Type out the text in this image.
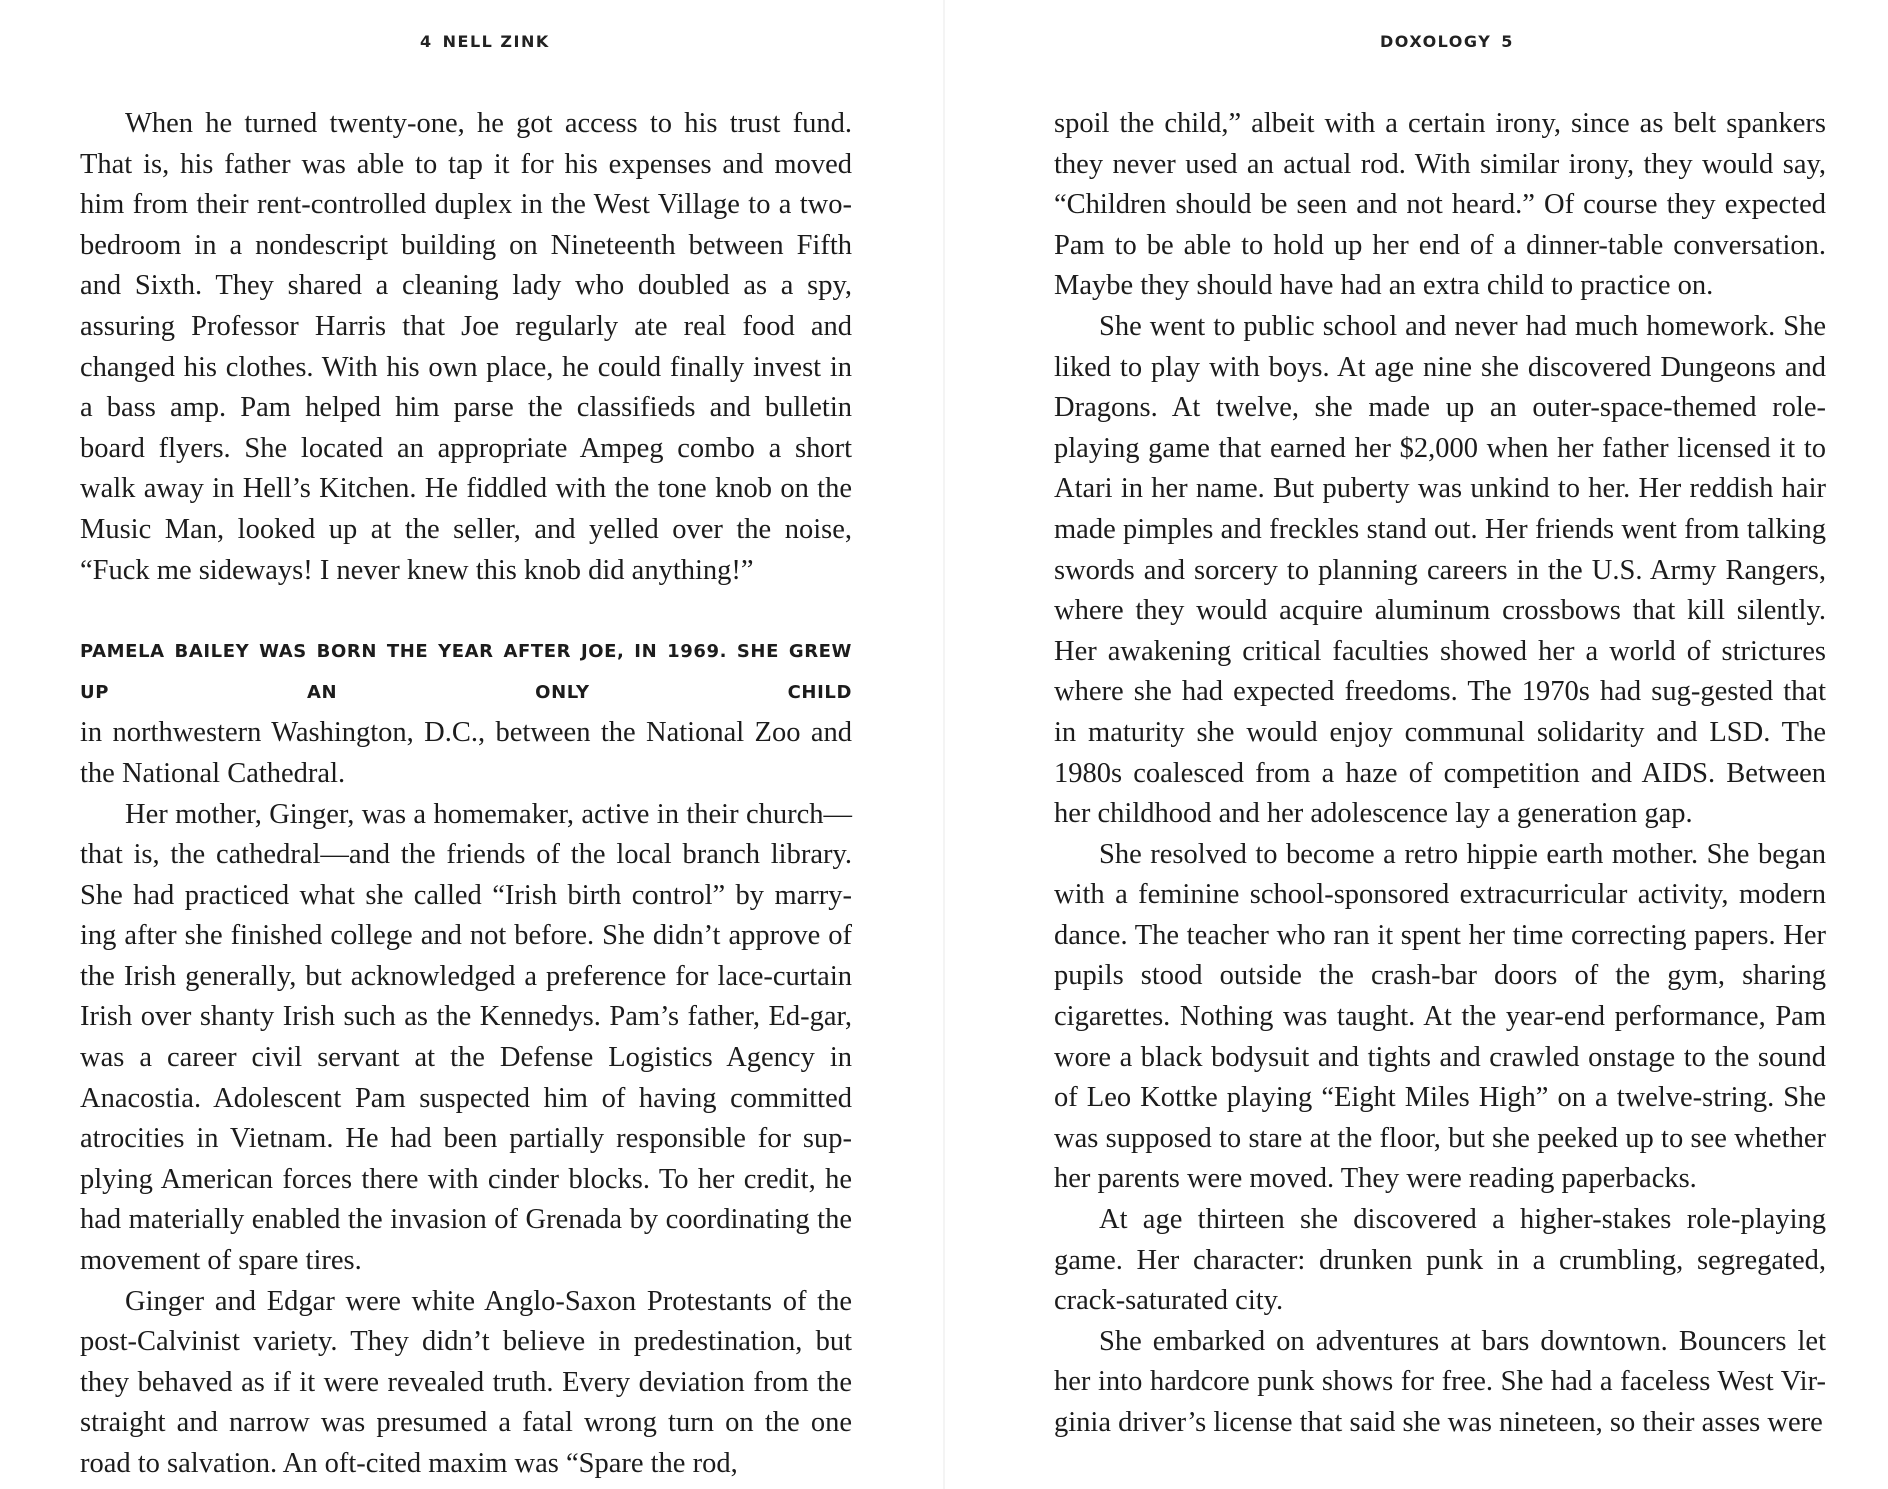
4 NELL ZINK

When he turned twenty-one, he got access to his trust fund. That is, his father was able to tap it for his expenses and moved him from their rent-controlled duplex in the West Village to a two-bedroom in a nondescript building on Nineteenth between Fifth and Sixth. They shared a cleaning lady who doubled as a spy, assuring Professor Harris that Joe regularly ate real food and changed his clothes. With his own place, he could finally invest in a bass amp. Pam helped him parse the classifieds and bulletin board flyers. She located an appropriate Ampeg combo a short walk away in Hell’s Kitchen. He fiddled with the tone knob on the Music Man, looked up at the seller, and yelled over the noise, “Fuck me sideways! I never knew this knob did anything!”

PAMELA BAILEY WAS BORN THE YEAR AFTER JOE, IN 1969. SHE GREW UP AN ONLY CHILD
in northwestern Washington, D.C., between the National Zoo and the National Cathedral.

Her mother, Ginger, was a homemaker, active in their church—that is, the cathedral—and the friends of the local branch library. She had practiced what she called “Irish birth control” by marry-ing after she finished college and not before. She didn’t approve of the Irish generally, but acknowledged a preference for lace-curtain Irish over shanty Irish such as the Kennedys. Pam’s father, Ed-gar, was a career civil servant at the Defense Logistics Agency in Anacostia. Adolescent Pam suspected him of having committed atrocities in Vietnam. He had been partially responsible for sup-plying American forces there with cinder blocks. To her credit, he had materially enabled the invasion of Grenada by coordinating the movement of spare tires.

Ginger and Edgar were white Anglo-Saxon Protestants of the post-Calvinist variety. They didn’t believe in predestination, but they behaved as if it were revealed truth. Every deviation from the straight and narrow was presumed a fatal wrong turn on the one road to salvation. An oft-cited maxim was “Spare the rod,

DOXOLOGY 5

spoil the child,” albeit with a certain irony, since as belt spankers they never used an actual rod. With similar irony, they would say, “Children should be seen and not heard.” Of course they expected Pam to be able to hold up her end of a dinner-table conversation. Maybe they should have had an extra child to practice on.

She went to public school and never had much homework. She liked to play with boys. At age nine she discovered Dungeons and Dragons. At twelve, she made up an outer-space-themed role-playing game that earned her $2,000 when her father licensed it to Atari in her name. But puberty was unkind to her. Her reddish hair made pimples and freckles stand out. Her friends went from talking swords and sorcery to planning careers in the U.S. Army Rangers, where they would acquire aluminum crossbows that kill silently. Her awakening critical faculties showed her a world of strictures where she had expected freedoms. The 1970s had sug-gested that in maturity she would enjoy communal solidarity and LSD. The 1980s coalesced from a haze of competition and AIDS. Between her childhood and her adolescence lay a generation gap.

She resolved to become a retro hippie earth mother. She began with a feminine school-sponsored extracurricular activity, modern dance. The teacher who ran it spent her time correcting papers. Her pupils stood outside the crash-bar doors of the gym, sharing cigarettes. Nothing was taught. At the year-end performance, Pam wore a black bodysuit and tights and crawled onstage to the sound of Leo Kottke playing “Eight Miles High” on a twelve-string. She was supposed to stare at the floor, but she peeked up to see whether her parents were moved. They were reading paperbacks.

At age thirteen she discovered a higher-stakes role-playing game. Her character: drunken punk in a crumbling, segregated, crack-saturated city.

She embarked on adventures at bars downtown. Bouncers let her into hardcore punk shows for free. She had a faceless West Vir-ginia driver’s license that said she was nineteen, so their asses were
